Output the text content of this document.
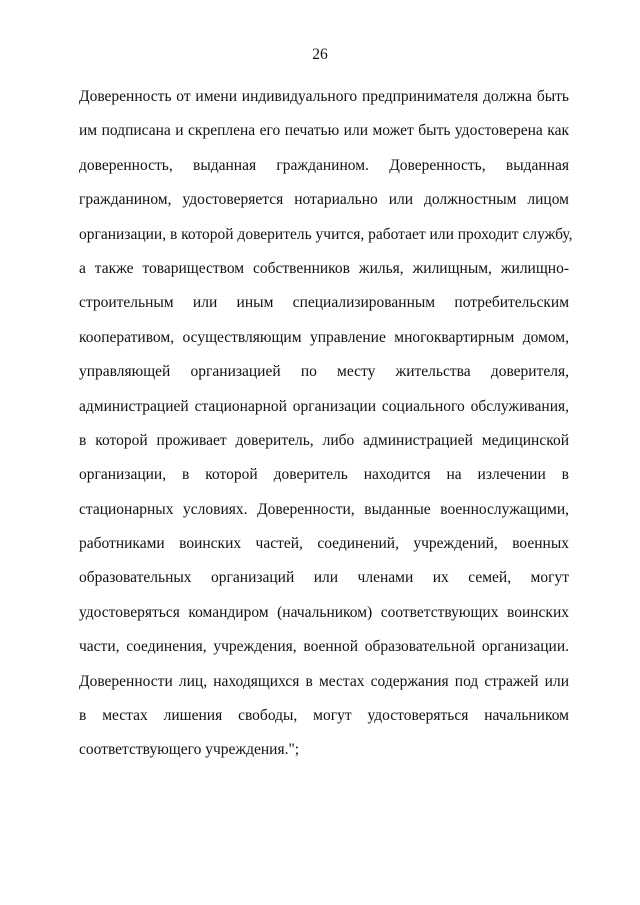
26
Доверенность от имени индивидуального предпринимателя должна быть
им подписана и скреплена его печатью или может быть удостоверена как
доверенность, выданная гражданином. Доверенность, выданная
гражданином, удостоверяется нотариально или должностным лицом
организации, в которой доверитель учится, работает или проходит службу,
а также товариществом собственников жилья, жилищным, жилищно-
строительным или иным специализированным потребительским
кооперативом, осуществляющим управление многоквартирным домом,
управляющей организацией по месту жительства доверителя,
администрацией стационарной организации социального обслуживания,
в которой проживает доверитель, либо администрацией медицинской
организации, в которой доверитель находится на излечении в
стационарных условиях. Доверенности, выданные военнослужащими,
работниками воинских частей, соединений, учреждений, военных
образовательных организаций или членами их семей, могут
удостоверяться командиром (начальником) соответствующих воинских
части, соединения, учреждения, военной образовательной организации.
Доверенности лиц, находящихся в местах содержания под стражей или
в местах лишения свободы, могут удостоверяться начальником
соответствующего учреждения.";
